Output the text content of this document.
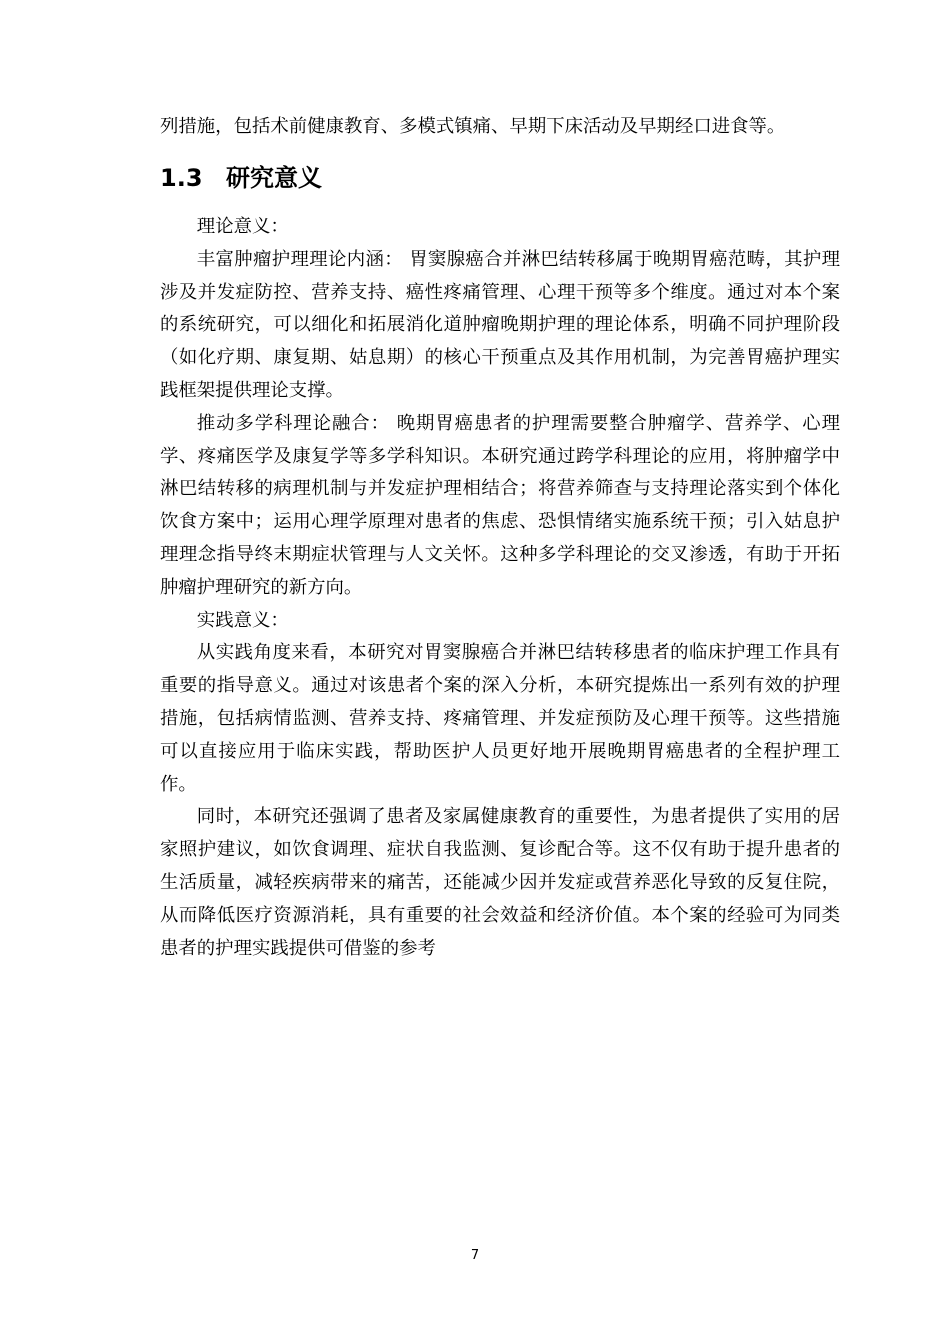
列措施，包括术前健康教育、多模式镇痛、早期下床活动及早期经口进食等。

1.3 研究意义

理论意义：

丰富肿瘤护理理论内涵： 胃窦腺癌合并淋巴结转移属于晚期胃癌范畴，其护理涉及并发症防控、营养支持、癌性疼痛管理、心理干预等多个维度。通过对本个案的系统研究，可以细化和拓展消化道肿瘤晚期护理的理论体系，明确不同护理阶段（如化疗期、康复期、姑息期）的核心干预重点及其作用机制，为完善胃癌护理实践框架提供理论支撑。

推动多学科理论融合： 晚期胃癌患者的护理需要整合肿瘤学、营养学、心理学、疼痛医学及康复学等多学科知识。本研究通过跨学科理论的应用，将肿瘤学中淋巴结转移的病理机制与并发症护理相结合；将营养筛查与支持理论落实到个体化饮食方案中；运用心理学原理对患者的焦虑、恐惧情绪实施系统干预；引入姑息护理理念指导终末期症状管理与人文关怀。这种多学科理论的交叉渗透，有助于开拓肿瘤护理研究的新方向。

实践意义：

从实践角度来看，本研究对胃窦腺癌合并淋巴结转移患者的临床护理工作具有重要的指导意义。通过对该患者个案的深入分析，本研究提炼出一系列有效的护理措施，包括病情监测、营养支持、疼痛管理、并发症预防及心理干预等。这些措施可以直接应用于临床实践，帮助医护人员更好地开展晚期胃癌患者的全程护理工作。

同时，本研究还强调了患者及家属健康教育的重要性，为患者提供了实用的居家照护建议，如饮食调理、症状自我监测、复诊配合等。这不仅有助于提升患者的生活质量，减轻疾病带来的痛苦，还能减少因并发症或营养恶化导致的反复住院，从而降低医疗资源消耗，具有重要的社会效益和经济价值。本个案的经验可为同类患者的护理实践提供可借鉴的参考

7
